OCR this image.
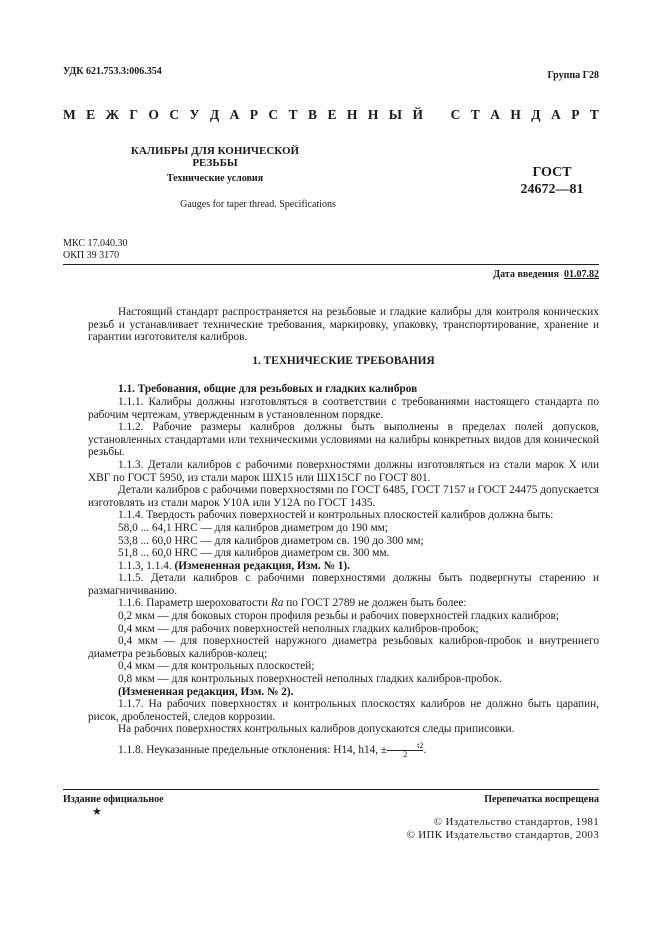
УДК 621.753.3:006.354	Группа Г28
М Е Ж Г О С У Д А Р С Т В Е Н Н Ы Й
С Т А Н Д А Р Т
КАЛИБРЫ ДЛЯ КОНИЧЕСКОЙ РЕЗЬБЫ
Технические условия
Gauges for taper thread. Specifications
ГОСТ
24672—81
МКС 17.040.30
ОКП 39 3170
Дата введения 01.07.82

Настоящий стандарт распространяется на резьбовые и гладкие калибры для контроля конических резьб и устанавливает технические требования, маркировку, упаковку, транспортирование, хранение и гарантии изготовителя калибров.

1. ТЕХНИЧЕСКИЕ ТРЕБОВАНИЯ

1.1. Требования, общие для резьбовых и гладких калибров

1.1.1. Калибры должны изготовляться в соответствии с требованиями настоящего стандарта по рабочим чертежам, утвержденным в установленном порядке.

1.1.2. Рабочие размеры калибров должны быть выполнены в пределах полей допусков, установленных стандартами или техническими условиями на калибры конкретных видов для конической резьбы.

1.1.3. Детали калибров с рабочими поверхностями должны изготовляться из стали марок Х или ХВГ по ГОСТ 5950, из стали марок ШХ15 или ШХ15СГ по ГОСТ 801.

Детали калибров с рабочими поверхностями по ГОСТ 6485, ГОСТ 7157 и ГОСТ 24475 допускается изготовлять из стали марок У10А или У12А по ГОСТ 1435.

1.1.4. Твердость рабочих поверхностей и контрольных плоскостей калибров должна быть:

58,0 ... 64,1 HRC — для калибров диаметром до 190 мм;

53,8 ... 60,0 HRC — для калибров диаметром св. 190 до 300 мм;

51,8 ... 60,0 HRC — для калибров диаметром св. 300 мм.

1.1.3, 1.1.4. (Измененная редакция, Изм. № 1).

1.1.5. Детали калибров с рабочими поверхностями должны быть подвергнуты старению и размагничиванию.

1.1.6. Параметр шероховатости Ra по ГОСТ 2789 не должен быть более:

0,2 мкм — для боковых сторон профиля резьбы и рабочих поверхностей гладких калибров;

0,4 мкм — для рабочих поверхностей неполных гладких калибров-пробок;

0,4 мкм — для поверхностей наружного диаметра резьбовых калибров-пробок и внутреннего диаметра резьбовых калибров-колец;

0,4 мкм — для контрольных плоскостей;

0,8 мкм — для контрольных поверхностей неполных гладких калибров-пробок.

(Измененная редакция, Изм. № 2).

1.1.7. На рабочих поверхностях и контрольных плоскостях калибров не должно быть царапин, рисок, дробленостей, следов коррозии.

На рабочих поверхностях контрольных калибров допускаются следы приписовки.

1.1.8. Неуказанные предельные отклонения: H14, h14, ± $\frac{t2}{2}$.

Издание официальное
★
Перепечатка воспрещена
© Издательство стандартов, 1981
© ИПК Издательство стандартов, 2003
